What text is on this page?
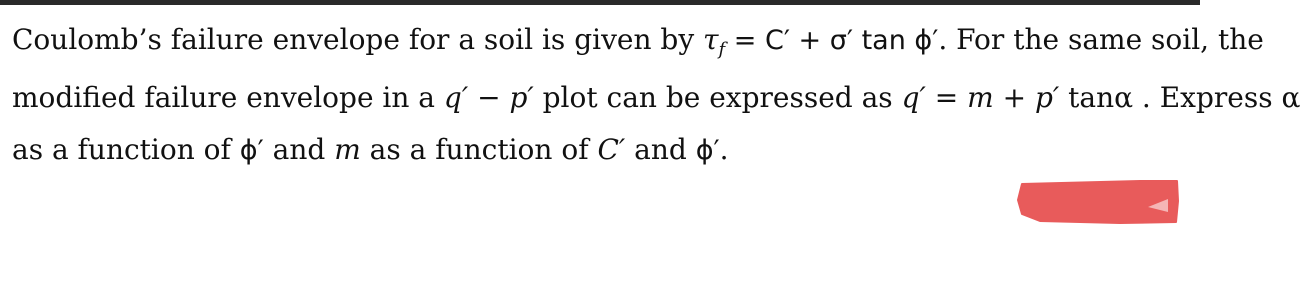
Coulomb’s failure envelope for a soil is given by $\tau_f = C' + \sigma'$ tan ϕ′. For the same soil, the
modified failure envelope in a q′ − p′ plot can be expressed as q′ = m + p′ tanα . Express α
as a function of ϕ′ and m as a function of C′ and ϕ′.
